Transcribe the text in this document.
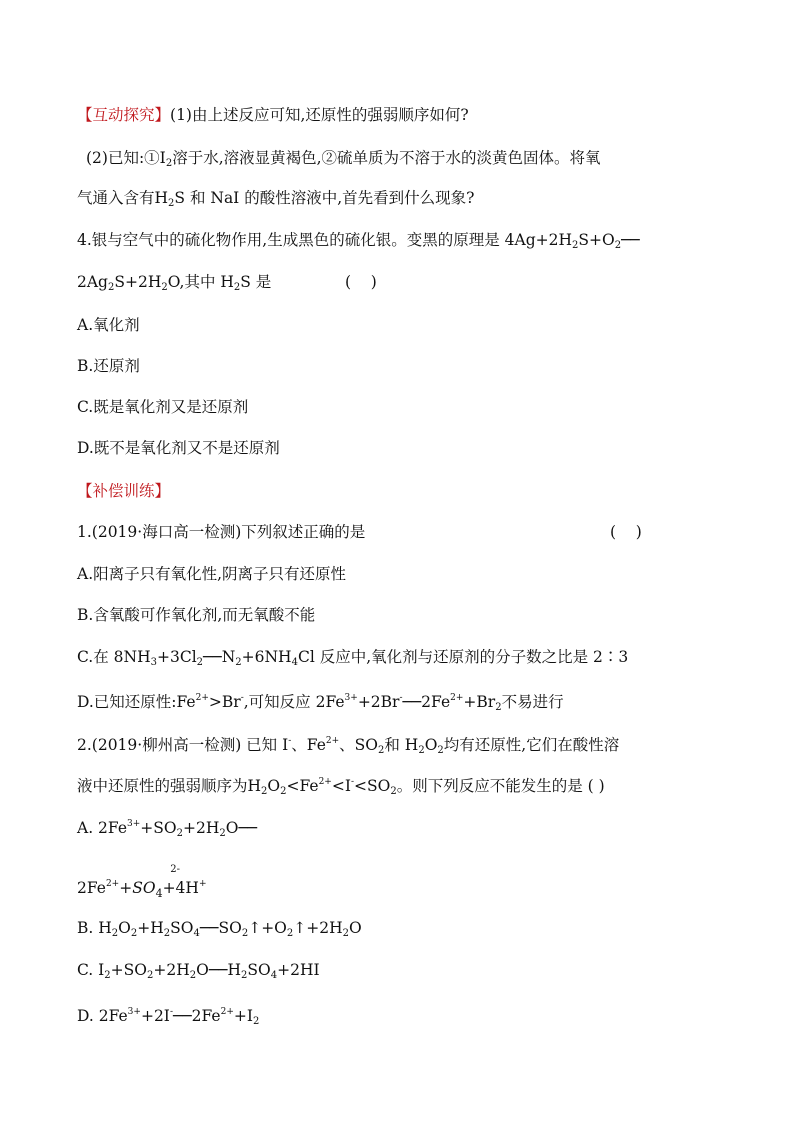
【互动探究】(1)由上述反应可知,还原性的强弱顺序如何?
(2)已知$:①I_2$溶于水,溶液显黄褐色,②硫单质为不溶于水的淡黄色固体。将氧
气通入含有$H_2S$ 和 NaI 的酸性溶液中,首先看到什么现象?
4.银与空气中的硫化物作用,生成黑色的硫化银。变黑的原理是 $4Ag+2H_2S+O_2──$
$2Ag_2S+2H_2O$,其中 $H_2S$ 是	(    )
A.氧化剂
B.还原剂
C.既是氧化剂又是还原剂
D.既不是氧化剂又不是还原剂
【补偿训练】
1.(2019·海口高一检测)下列叙述正确的是	(    )
A.阳离子只有氧化性,阴离子只有还原性
B.含氧酸可作氧化剂,而无氧酸不能
C.在 $8NH_3+3Cl_2──N_2+6NH_4Cl$ 反应中,氧化剂与还原剂的分子数之比是 2∶3
D.已知还原性$:Fe^{2+}>Br^-$,可知反应 $2Fe^{3+}+2Br^-──2Fe^{2+}+Br_2$不易进行
2.(2019·柳州高一检测) 已知 I-、$Fe^{2+}$、$SO_2$和 $H_2O_2$均有还原性,它们在酸性溶
液中还原性的强弱顺序为$H_2O_2<Fe^{2+}<I^-<SO_2$。则下列反应不能发生的是 ( )
A. $2Fe^{3+}+SO_2+2H_2O──$
$2Fe^{2+}+SO_4$
2-
+4H+
B. $H_2O_2+H_2SO_4──SO_2↑+O_2↑+2H_2O$
C. $I_2+SO_2+2H_2O──H_2SO_4+2HI$
D. $2Fe^{3+}+2I^-──2Fe^{2+}+I_2$
